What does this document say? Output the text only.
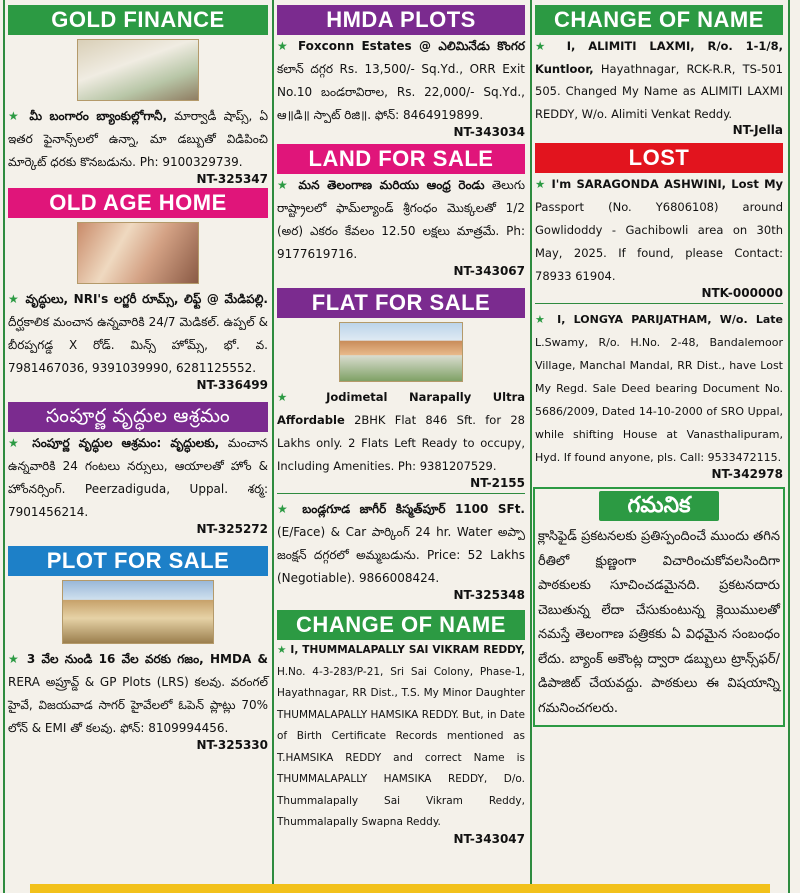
GOLD FINANCE
★ మీ బంగారం బ్యాంకుల్లోగానీ, మార్వాడీ షాప్స్, ఏ ఇతర ఫైనాన్స్‌లలో ఉన్నా, మా డబ్బుతో విడిపించి మార్కెట్ ధరకు కొనబడును. Ph: 9100329739.
NT-325347
OLD AGE HOME
★ వృద్ధులు, NRI's లగ్జరీ రూమ్స్, లిఫ్ట్ @ మేడిపల్లి. దీర్ఘకాలిక మంచాన ఉన్నవారికి 24/7 మెడికల్. ఉప్పల్ & బీరప్పగడ్డ X రోడ్. మిన్స్ హోమ్స్, భో. వ. 7981467036, 9391039990, 6281125552.
NT-336499
సంపూర్ణ వృద్ధుల ఆశ్రమం
★ సంపూర్ణ వృద్ధుల ఆశ్రమం: వృద్ధులకు, మంచాన ఉన్నవారికి 24 గంటలు నర్సులు, ఆయాలతో హోం & హోంనర్సింగ్. Peerzadiguda, Uppal. శర్మ: 7901456214.
NT-325272
PLOT FOR SALE
★ 3 వేల నుండి 16 వేల వరకు గజం, HMDA & RERA అప్రూవ్డ్ & GP Plots (LRS) కలవు. వరంగల్ హైవే, విజయవాడ సాగర్ హైవేలలో ఓపెన్ ప్లాట్లు 70% లోన్ & EMI తో కలవు. ఫోన్: 8109994456.
NT-325330
HMDA PLOTS
★ Foxconn Estates @ ఎలిమినేడు కొంగర కలాన్ దగ్గర Rs. 13,500/- Sq.Yd., ORR Exit No.10 బండరావిరాల, Rs. 22,000/- Sq.Yd., ఆ॥డి॥ స్పాట్ రిజి॥. ఫోన్: 8464919899.
NT-343034
LAND FOR SALE
★ మన తెలంగాణ మరియు ఆంధ్ర రెండు తెలుగు రాష్ట్రాలలో ఫామ్‌ల్యాండ్ శ్రీగంధం మొక్కలతో 1/2 (అర) ఎకరం కేవలం 12.50 లక్షలు మాత్రమే. Ph: 9177619716.
NT-343067
FLAT FOR SALE
★ Jodimetal Narapally Ultra Affordable 2BHK Flat 846 Sft. for 28 Lakhs only. 2 Flats Left Ready to occupy, Including Amenities. Ph: 9381207529.
NT-2155
★ బండ్లగూడ జాగీర్ కిస్మత్‌పూర్ 1100 SFt. (E/Face) & Car పార్కింగ్ 24 hr. Water అప్పా జంక్షన్ దగ్గరలో అమ్మబడును. Price: 52 Lakhs (Negotiable). 9866008424.
NT-325348
CHANGE OF NAME
★ I, THUMMALAPALLY SAI VIKRAM REDDY, H.No. 4-3-283/P-21, Sri Sai Colony, Phase-1, Hayathnagar, RR Dist., T.S. My Minor Daughter THUMMALAPALLY HAMSIKA REDDY. But, in Date of Birth Certificate Records mentioned as T.HAMSIKA REDDY and correct Name is THUMMALAPALLY HAMSIKA REDDY, D/o. Thummalapally Sai Vikram Reddy, Thummalapally Swapna Reddy.
NT-343047
CHANGE OF NAME
★ I, ALIMITI LAXMI, R/o. 1-1/8, Kuntloor, Hayathnagar, RCK-R.R, TS-501 505. Changed My Name as ALIMITI LAXMI REDDY, W/o. Alimiti Venkat Reddy.
NT-Jella
LOST
★ I'm SARAGONDA ASHWINI, Lost My Passport (No. Y6806108) around Gowlidoddy - Gachibowli area on 30th May, 2025. If found, please Contact: 78933 61904.
NTK-000000
★ I, LONGYA PARIJATHAM, W/o. Late L.Swamy, R/o. H.No. 2-48, Bandalemoor Village, Manchal Mandal, RR Dist., have Lost My Regd. Sale Deed bearing Document No. 5686/2009, Dated 14-10-2000 of SRO Uppal, while shifting House at Vanasthalipuram, Hyd. If found anyone, pls. Call: 9533472115.
NT-342978
గమనిక
క్లాసిఫైడ్ ప్రకటనలకు ప్రతిస్పందించే ముందు తగిన రీతిలో క్షుణ్ణంగా విచారించుకోవలసిందిగా పాఠకులకు సూచించడమైనది. ప్రకటనదారు చెబుతున్న లేదా చేసుకుంటున్న క్లెయిములతో నమస్తే తెలంగాణ పత్రికకు ఏ విధమైన సంబంధం లేదు. బ్యాంక్ అకౌంట్ల ద్వారా డబ్బులు ట్రాన్స్‌ఫర్/డిపాజిట్ చేయవద్దు. పాఠకులు ఈ విషయాన్ని గమనించగలరు.
